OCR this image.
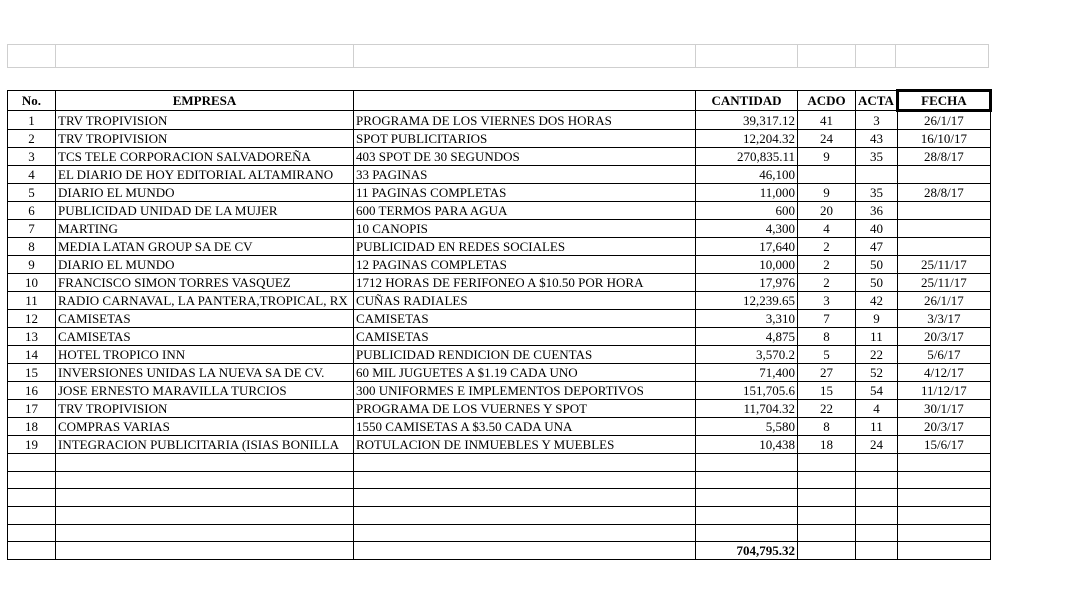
No.	EMPRESA		CANTIDAD	ACDO	ACTA	FECHA
1	TRV TROPIVISION	PROGRAMA DE LOS VIERNES DOS HORAS	39,317.12	41	3	26/1/17
2	TRV TROPIVISION	SPOT PUBLICITARIOS	12,204.32	24	43	16/10/17
3	TCS TELE CORPORACION SALVADOREÑA	403 SPOT DE 30 SEGUNDOS	270,835.11	9	35	28/8/17
4	EL DIARIO DE HOY EDITORIAL ALTAMIRANO	33 PAGINAS	46,100			
5	DIARIO EL MUNDO	11 PAGINAS COMPLETAS	11,000	9	35	28/8/17
6	PUBLICIDAD UNIDAD DE LA MUJER	600 TERMOS PARA AGUA	600	20	36	
7	MARTING	10 CANOPIS	4,300	4	40	
8	MEDIA LATAN GROUP SA DE CV	PUBLICIDAD EN REDES SOCIALES	17,640	2	47	
9	DIARIO EL MUNDO	12 PAGINAS COMPLETAS	10,000	2	50	25/11/17
10	FRANCISCO SIMON TORRES VASQUEZ	1712 HORAS DE FERIFONEO A $10.50 POR HORA	17,976	2	50	25/11/17
11	RADIO CARNAVAL, LA PANTERA,TROPICAL, RX	CUÑAS RADIALES	12,239.65	3	42	26/1/17
12	CAMISETAS	CAMISETAS	3,310	7	9	3/3/17
13	CAMISETAS	CAMISETAS	4,875	8	11	20/3/17
14	HOTEL TROPICO INN	PUBLICIDAD RENDICION DE CUENTAS	3,570.2	5	22	5/6/17
15	INVERSIONES UNIDAS LA NUEVA SA DE CV.	60 MIL JUGUETES A $1.19 CADA UNO	71,400	27	52	4/12/17
16	JOSE ERNESTO MARAVILLA TURCIOS	300 UNIFORMES E IMPLEMENTOS DEPORTIVOS	151,705.6	15	54	11/12/17
17	TRV TROPIVISION	PROGRAMA DE LOS VUERNES Y SPOT	11,704.32	22	4	30/1/17
18	COMPRAS VARIAS	1550 CAMISETAS A $3.50 CADA UNA	5,580	8	11	20/3/17
19	INTEGRACION PUBLICITARIA (ISIAS BONILLA	ROTULACION DE INMUEBLES Y MUEBLES	10,438	18	24	15/6/17

			704,795.32			
